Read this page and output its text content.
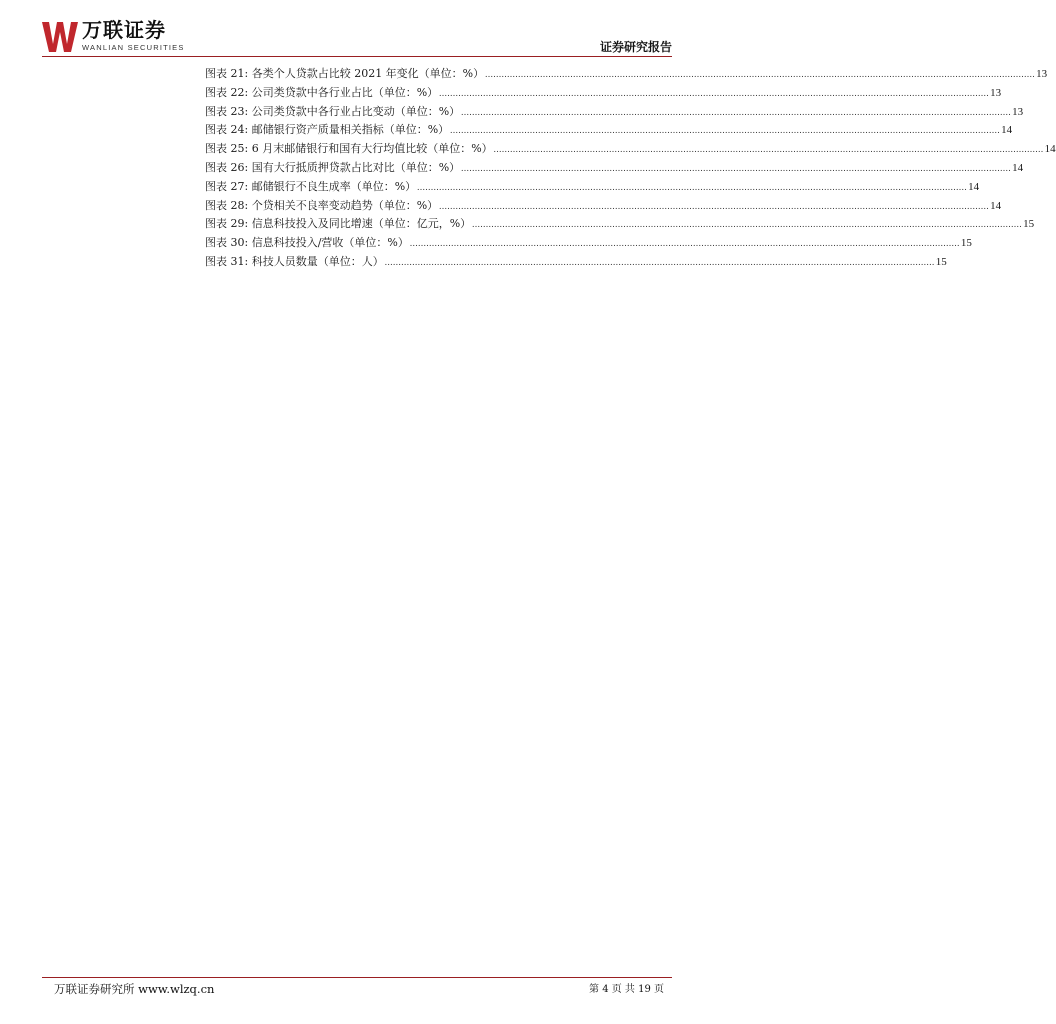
万联证券
WANLIAN SECURITIES	证券研究报告
图表 21: 各类个人贷款占比较 2021 年变化（单位：%） ........................................................................................................................................................................................................ 13
图表 22: 公司类贷款中各行业占比（单位：%） ........................................................................................................................................................................................................ 13
图表 23: 公司类贷款中各行业占比变动（单位：%） ........................................................................................................................................................................................................ 13
图表 24: 邮储银行资产质量相关指标（单位：%） ........................................................................................................................................................................................................ 14
图表 25: 6 月末邮储银行和国有大行均值比较（单位：%） ........................................................................................................................................................................................................ 14
图表 26: 国有大行抵质押贷款占比对比（单位：%） ........................................................................................................................................................................................................ 14
图表 27: 邮储银行不良生成率（单位：%） ........................................................................................................................................................................................................ 14
图表 28: 个贷相关不良率变动趋势（单位：%） ........................................................................................................................................................................................................ 14
图表 29: 信息科技投入及同比增速（单位：亿元，%） ........................................................................................................................................................................................................ 15
图表 30: 信息科技投入/营收（单位：%） ........................................................................................................................................................................................................ 15
图表 31: 科技人员数量（单位：人） ........................................................................................................................................................................................................ 15
万联证券研究所 www.wlzq.cn	第 4 页 共 19 页
